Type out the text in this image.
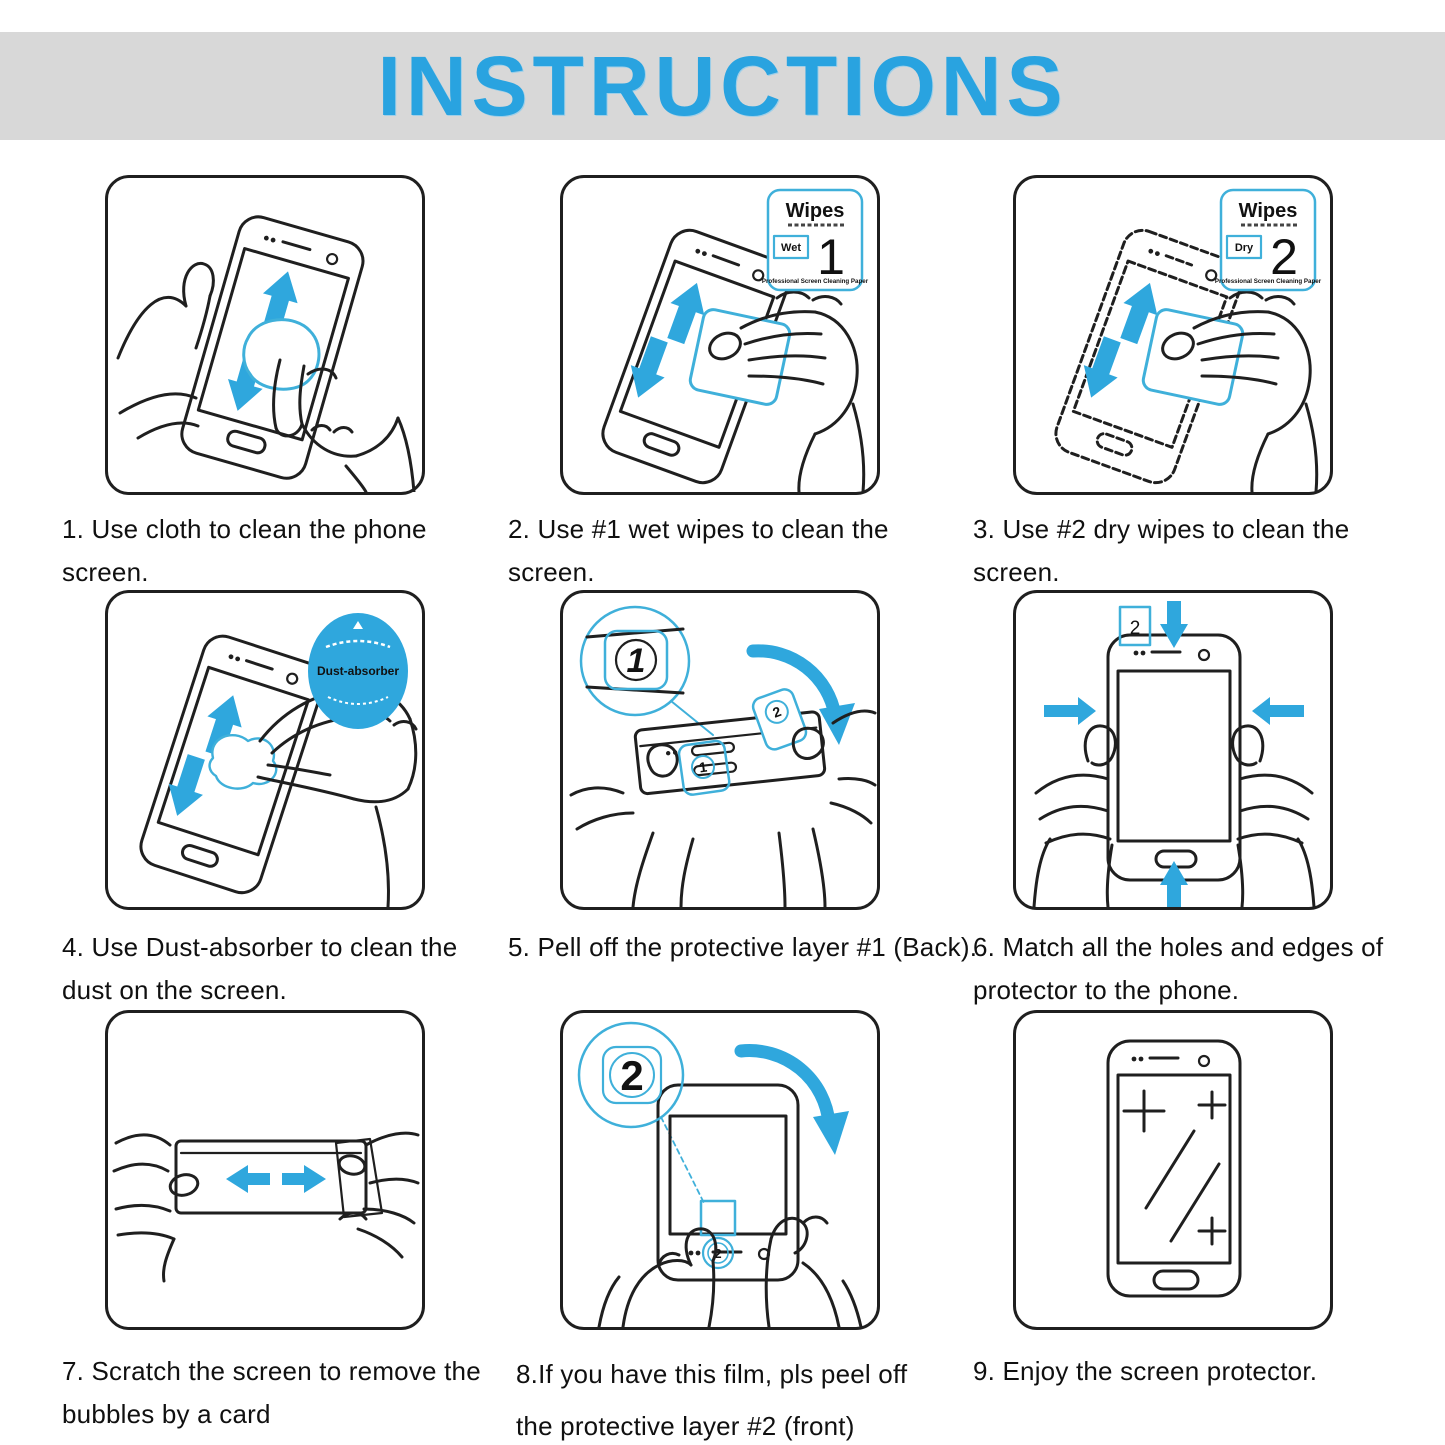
INSTRUCTIONS
Wipes
Wet 1
Professional Screen Cleaning Paper
Wipes
Dry 2
Professional Screen Cleaning Paper
Dust-absorber
2
1
1
2
2
2
1. Use cloth to clean the phone screen.
2. Use #1 wet wipes to clean the screen.
3. Use #2 dry wipes to clean the screen.
4. Use Dust-absorber to clean the dust on the screen.
5. Pell off the protective layer #1 (Back).
6. Match all the holes and edges of protector to the phone.
7. Scratch the screen to remove the bubbles by a card
8.If you have this film, pls peel off the protective layer #2 (front)
9. Enjoy the screen protector.
